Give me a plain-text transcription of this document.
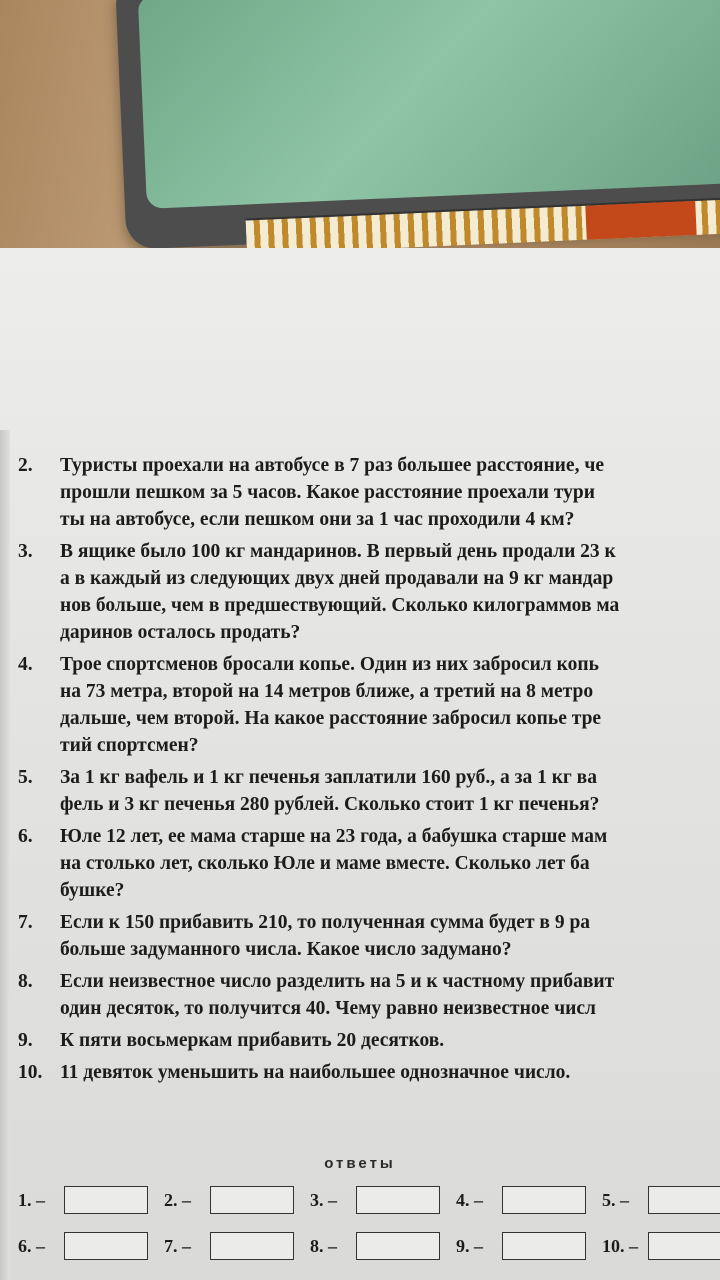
2.	Туристы проехали на автобусе в 7 раз большее расстояние, че
прошли пешком за 5 часов. Какое расстояние проехали тури
ты на автобусе, если пешком они за 1 час проходили 4 км?
3.	В ящике было 100 кг мандаринов. В первый день продали 23 к
а в каждый из следующих двух дней продавали на 9 кг мандар
нов больше, чем в предшествующий. Сколько килограммов ма
даринов осталось продать?
4.	Трое спортсменов бросали копье. Один из них забросил копь
на 73 метра, второй на 14 метров ближе, а третий на 8 метро
дальше, чем второй. На какое расстояние забросил копье тре
тий спортсмен?
5.	За 1 кг вафель и 1 кг печенья заплатили 160 руб., а за 1 кг ва
фель и 3 кг печенья 280 рублей. Сколько стоит 1 кг печенья?
6.	Юле 12 лет, ее мама старше на 23 года, а бабушка старше мам
на столько лет, сколько Юле и маме вместе. Сколько лет ба
бушке?
7.	Если к 150 прибавить 210, то полученная сумма будет в 9 ра
больше задуманного числа. Какое число задумано?
8.	Если неизвестное число разделить на 5 и к частному прибавит
один десяток, то получится 40. Чему равно неизвестное числ
9.	К пяти восьмеркам прибавить 20 десятков.
10. 11 девяток уменьшить на наибольшее однозначное число.
ответы
1. –	2. –	3. –	4. –	5. –
6. –	7. –	8. –	9. –	10. –
